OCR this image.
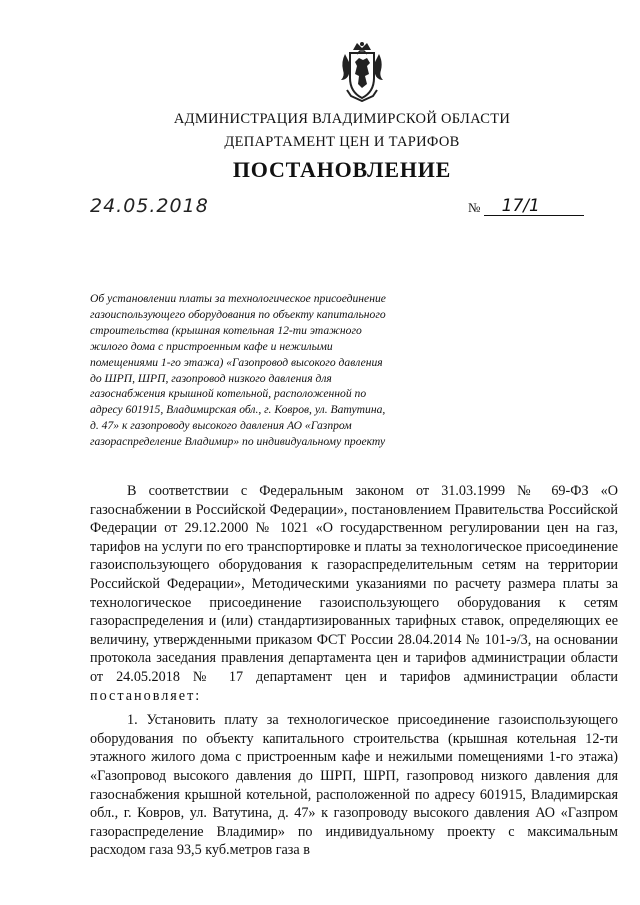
АДМИНИСТРАЦИЯ ВЛАДИМИРСКОЙ ОБЛАСТИ
ДЕПАРТАМЕНТ ЦЕН И ТАРИФОВ
ПОСТАНОВЛЕНИЕ
24.05.2018	№ 17/1
Об установлении платы за технологическое присоединение газоиспользующего оборудования по объекту капитального строительства (крышная котельная 12-ти этажного жилого дома с пристроенным кафе и нежилыми помещениями 1-го этажа) «Газопровод высокого давления до ШРП, ШРП, газопровод низкого давления для газоснабжения крышной котельной, расположенной по адресу 601915, Владимирская обл., г. Ковров, ул. Ватутина, д. 47» к газопроводу высокого давления АО «Газпром газораспределение Владимир» по индивидуальному проекту

В соответствии с Федеральным законом от 31.03.1999 № 69-ФЗ «О газоснабжении в Российской Федерации», постановлением Правительства Российской Федерации от 29.12.2000 № 1021 «О государственном регулировании цен на газ, тарифов на услуги по его транспортировке и платы за технологическое присоединение газоиспользующего оборудования к газораспределительным сетям на территории Российской Федерации», Методическими указаниями по расчету размера платы за технологическое присоединение газоиспользующего оборудования к сетям газораспределения и (или) стандартизированных тарифных ставок, определяющих ее величину, утвержденными приказом ФСТ России 28.04.2014 № 101-э/3, на основании протокола заседания правления департамента цен и тарифов администрации области от 24.05.2018 № 17 департамент цен и тарифов администрации области постановляет:

1. Установить плату за технологическое присоединение газоиспользующего оборудования по объекту капитального строительства (крышная котельная 12-ти этажного жилого дома с пристроенным кафе и нежилыми помещениями 1-го этажа) «Газопровод высокого давления до ШРП, ШРП, газопровод низкого давления для газоснабжения крышной котельной, расположенной по адресу 601915, Владимирская обл., г. Ковров, ул. Ватутина, д. 47» к газопроводу высокого давления АО «Газпром газораспределение Владимир» по индивидуальному проекту с максимальным расходом газа 93,5 куб.метров газа в
